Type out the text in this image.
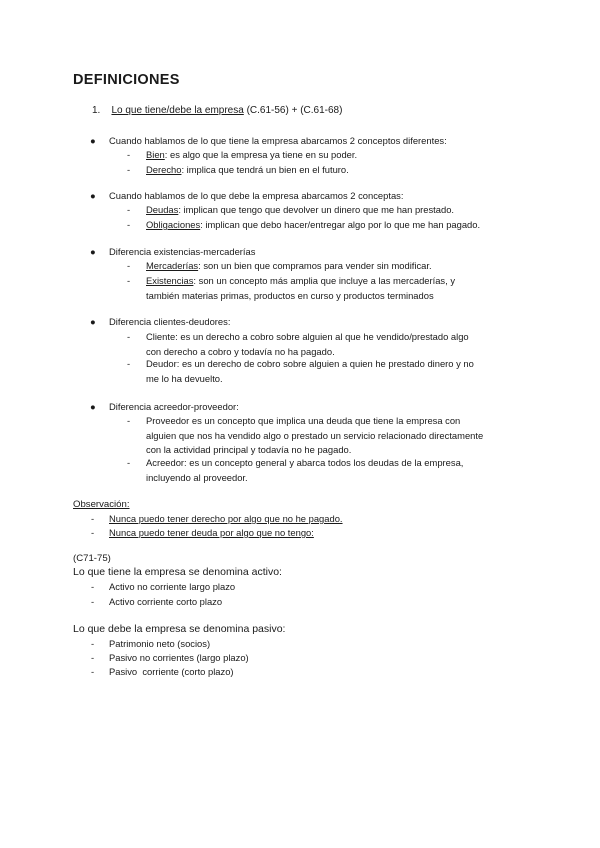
DEFINICIONES
1. Lo que tiene/debe la empresa (C.61-56) + (C.61-68)
● Cuando hablamos de lo que tiene la empresa abarcamos 2 conceptos diferentes:
- Bien: es algo que la empresa ya tiene en su poder.
- Derecho: implica que tendrá un bien en el futuro.
● Cuando hablamos de lo que debe la empresa abarcamos 2 conceptas:
- Deudas: implican que tengo que devolver un dinero que me han prestado.
- Obligaciones: implican que debo hacer/entregar algo por lo que me han pagado.
● Diferencia existencias-mercaderías
- Mercaderías: son un bien que compramos para vender sin modificar.
- Existencias: son un concepto más amplia que incluye a las mercaderías, y
también materias primas, productos en curso y productos terminados
● Diferencia clientes-deudores:
- Cliente: es un derecho a cobro sobre alguien al que he vendido/prestado algo
con derecho a cobro y todavía no ha pagado.
- Deudor: es un derecho de cobro sobre alguien a quien he prestado dinero y no
me lo ha devuelto.
● Diferencia acreedor-proveedor:
- Proveedor es un concepto que implica una deuda que tiene la empresa con
alguien que nos ha vendido algo o prestado un servicio relacionado directamente
con la actividad principal y todavía no he pagado.
- Acreedor: es un concepto general y abarca todos los deudas de la empresa,
incluyendo al proveedor.
Observación:
- Nunca puedo tener derecho por algo que no he pagado.
- Nunca puedo tener deuda por algo que no tengo:
(C71-75)
Lo que tiene la empresa se denomina activo:
- Activo no corriente largo plazo
- Activo corriente corto plazo
Lo que debe la empresa se denomina pasivo:
- Patrimonio neto (socios)
- Pasivo no corrientes (largo plazo)
- Pasivo  corriente (corto plazo)
